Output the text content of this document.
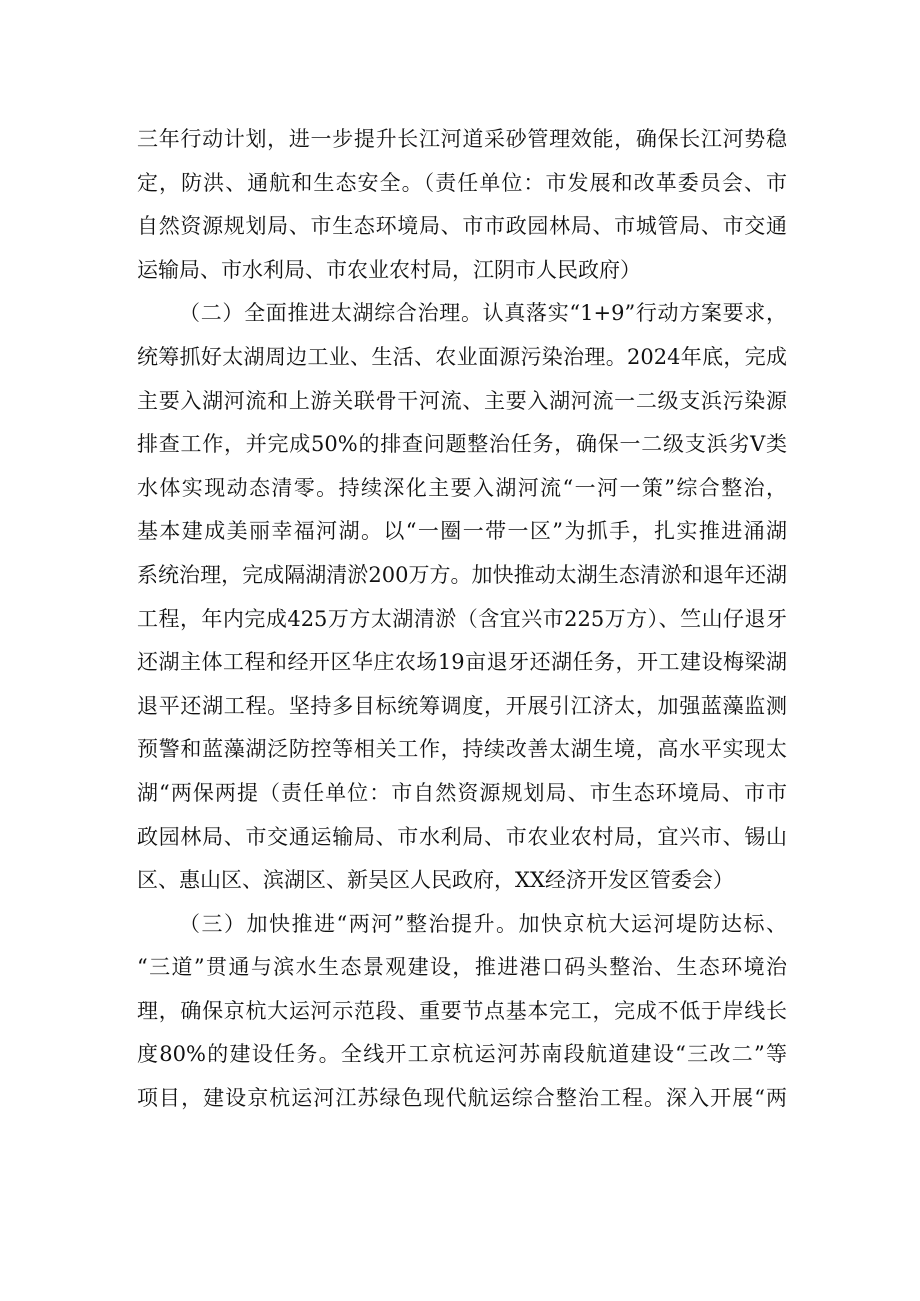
三年行动计划，进一步提升长江河道采砂管理效能，确保长江河势稳
定，防洪、通航和生态安全。（责任单位：市发展和改革委员会、市
自然资源规划局、市生态环境局、市市政园林局、市城管局、市交通
运输局、市水利局、市农业农村局，江阴市人民政府）
（二）全面推进太湖综合治理。认真落实“1+9”行动方案要求，
统筹抓好太湖周边工业、生活、农业面源污染治理。2024年底，完成
主要入湖河流和上游关联骨干河流、主要入湖河流一二级支浜污染源
排查工作，并完成50%的排查问题整治任务，确保一二级支浜劣V类
水体实现动态清零。持续深化主要入湖河流“一河一策”综合整治，
基本建成美丽幸福河湖。以“一圈一带一区”为抓手，扎实推进涌湖
系统治理，完成隔湖清淤200万方。加快推动太湖生态清淤和退年还湖
工程，年内完成425万方太湖清淤（含宜兴市225万方）、竺山仔退牙
还湖主体工程和经开区华庄农场19亩退牙还湖任务，开工建设梅梁湖
退平还湖工程。坚持多目标统筹调度，开展引江济太，加强蓝藻监测
预警和蓝藻湖泛防控等相关工作，持续改善太湖生境，高水平实现太
湖“两保两提（责任单位：市自然资源规划局、市生态环境局、市市
政园林局、市交通运输局、市水利局、市农业农村局，宜兴市、锡山
区、惠山区、滨湖区、新吴区人民政府，XX经济开发区管委会）
（三）加快推进“两河”整治提升。加快京杭大运河堤防达标、
“三道”贯通与滨水生态景观建设，推进港口码头整治、生态环境治
理，确保京杭大运河示范段、重要节点基本完工，完成不低于岸线长
度80%的建设任务。全线开工京杭运河苏南段航道建设“三改二”等
项目，建设京杭运河江苏绿色现代航运综合整治工程。深入开展“两
